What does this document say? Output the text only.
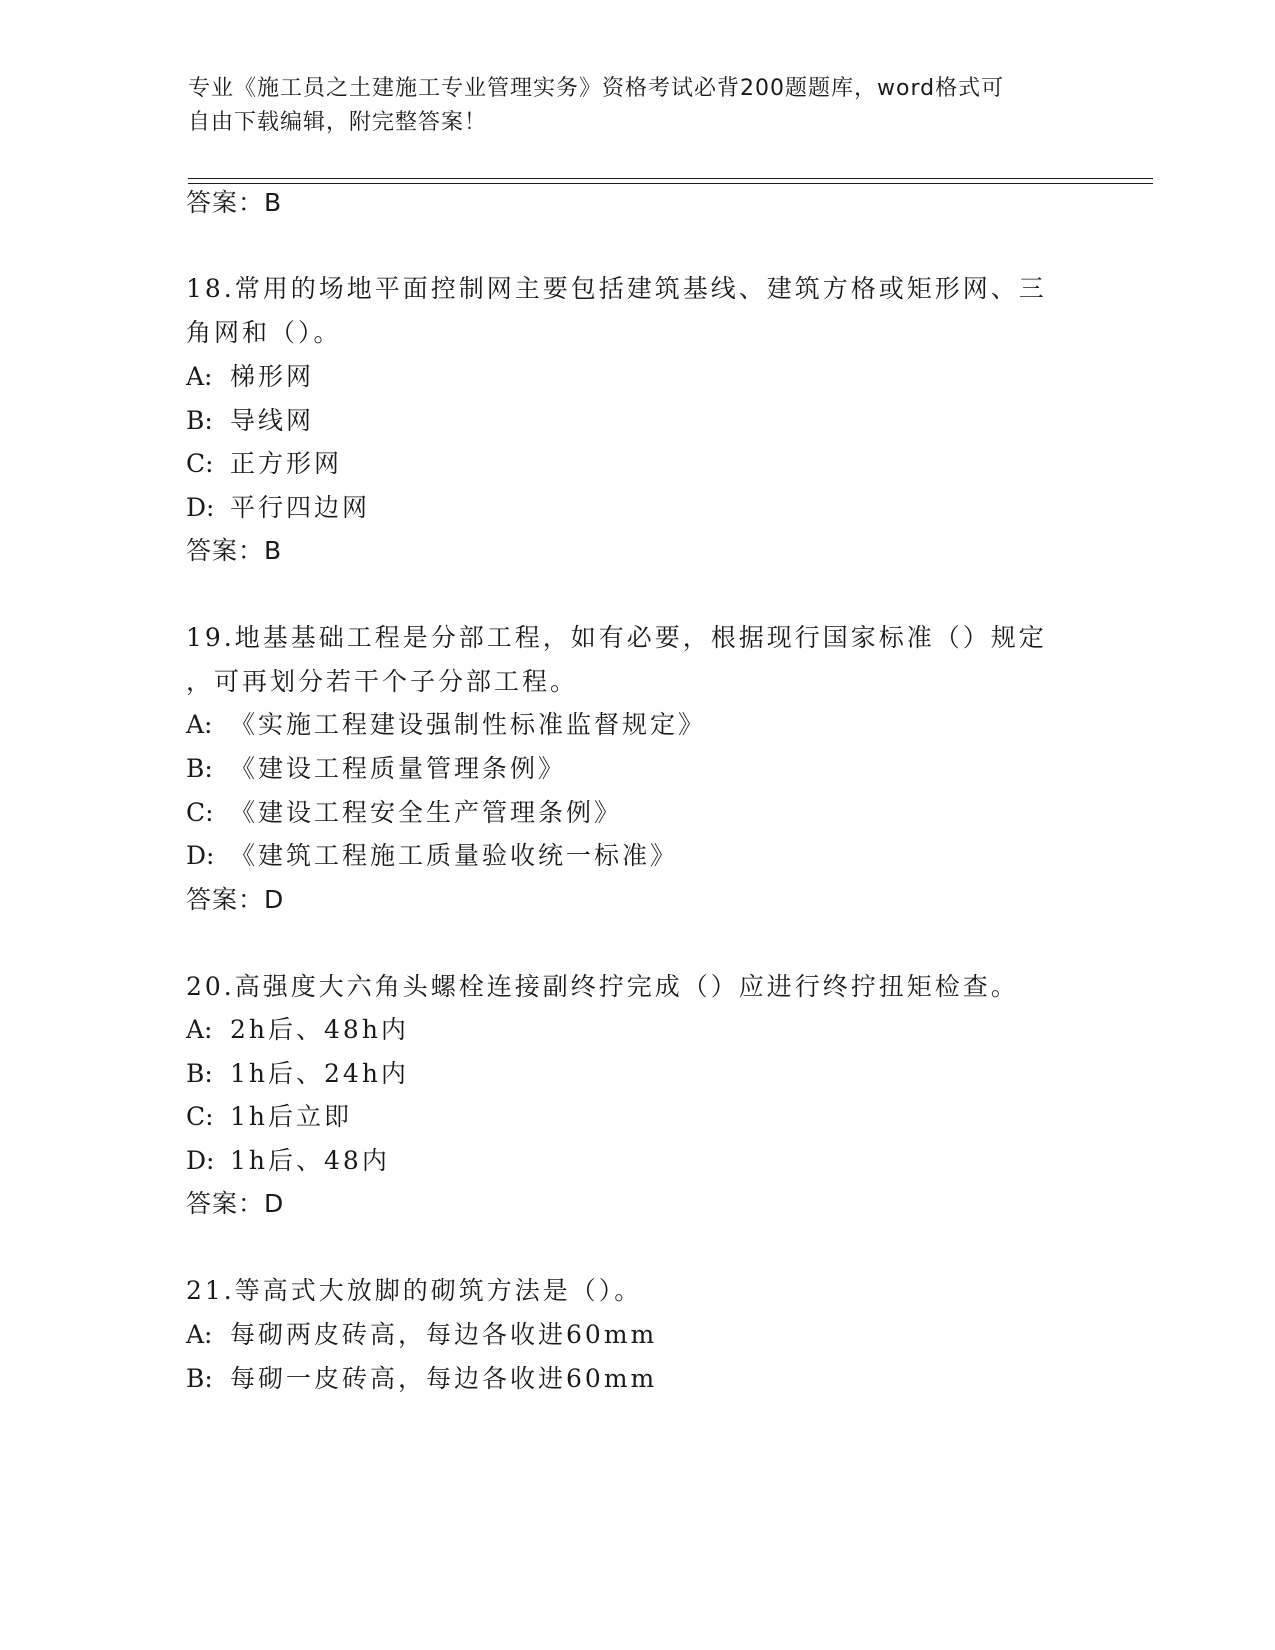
专业《施工员之土建施工专业管理实务》资格考试必背200题题库，word格式可
自由下载编辑，附完整答案！
答案：B
18.常用的场地平面控制网主要包括建筑基线、建筑方格或矩形网、三
角网和（）。
A: 梯形网
B: 导线网
C: 正方形网
D: 平行四边网
答案：B
19.地基基础工程是分部工程，如有必要，根据现行国家标准（）规定
，可再划分若干个子分部工程。
A: 《实施工程建设强制性标准监督规定》
B: 《建设工程质量管理条例》
C: 《建设工程安全生产管理条例》
D: 《建筑工程施工质量验收统一标准》
答案：D
20.高强度大六角头螺栓连接副终拧完成（）应进行终拧扭矩检查。
A: 2h后、48h内
B: 1h后、24h内
C: 1h后立即
D: 1h后、48内
答案：D
21.等高式大放脚的砌筑方法是（）。
A: 每砌两皮砖高，每边各收进60mm
B: 每砌一皮砖高，每边各收进60mm
